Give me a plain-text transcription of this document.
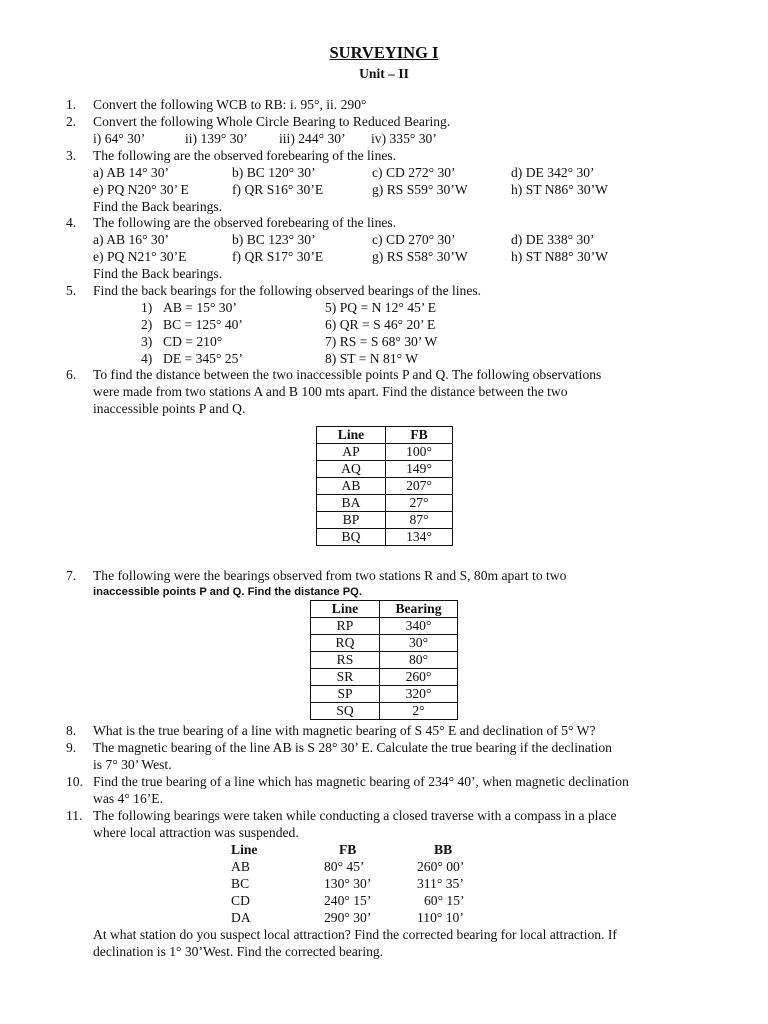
SURVEYING I
Unit – II
1.	Convert the following WCB to RB: i. 95°, ii. 290°
2.	Convert the following Whole Circle Bearing to Reduced Bearing.
i) 64° 30’	ii) 139° 30’ iii) 244° 30’ iv) 335° 30’
3.	The following are the observed forebearing of the lines.
a) AB 14° 30’	b) BC 120° 30’	c) CD 272° 30’	d) DE 342° 30’
e) PQ N20° 30’ E	f) QR S16° 30’E	g) RS S59° 30’W	h) ST N86° 30’W
Find the Back bearings.
4.	The following are the observed forebearing of the lines.
a) AB 16° 30’	b) BC 123° 30’	c) CD 270° 30’	d) DE 338° 30’
e) PQ N21° 30’E	f) QR S17° 30’E	g) RS S58° 30’W	h) ST N88° 30’W
Find the Back bearings.
5.	Find the back bearings for the following observed bearings of the lines.
1) AB = 15° 30’	5) PQ = N 12° 45’ E
2) BC = 125° 40’	6) QR = S 46° 20’ E
3) CD = 210°	7) RS = S 68° 30’ W
4) DE = 345° 25’	8) ST = N 81° W
6.	To find the distance between the two inaccessible points P and Q. The following observations
were made from two stations A and B 100 mts apart. Find the distance between the two
inaccessible points P and Q.
Line	FB
AP	100°
AQ	149°
AB	207°
BA	27°
BP	87°
BQ	134°
7.	The following were the bearings observed from two stations R and S, 80m apart to two
inaccessible points P and Q. Find the distance PQ.
Line	Bearing
RP	340°
RQ	30°
RS	80°
SR	260°
SP	320°
SQ	2°
8.	What is the true bearing of a line with magnetic bearing of S 45° E and declination of 5° W?
9.	The magnetic bearing of the line AB is S 28° 30’ E. Calculate the true bearing if the declination
is 7° 30’ West.
10. Find the true bearing of a line which has magnetic bearing of 234° 40’, when magnetic declination
was 4° 16’E.
11. The following bearings were taken while conducting a closed traverse with a compass in a place
where local attraction was suspended.
Line	FB	BB
AB	80° 45’	260° 00’
BC	130° 30’	311° 35’
CD	240° 15’	60° 15’
DA	290° 30’	110° 10’
At what station do you suspect local attraction? Find the corrected bearing for local attraction. If
declination is 1° 30’West. Find the corrected bearing.
